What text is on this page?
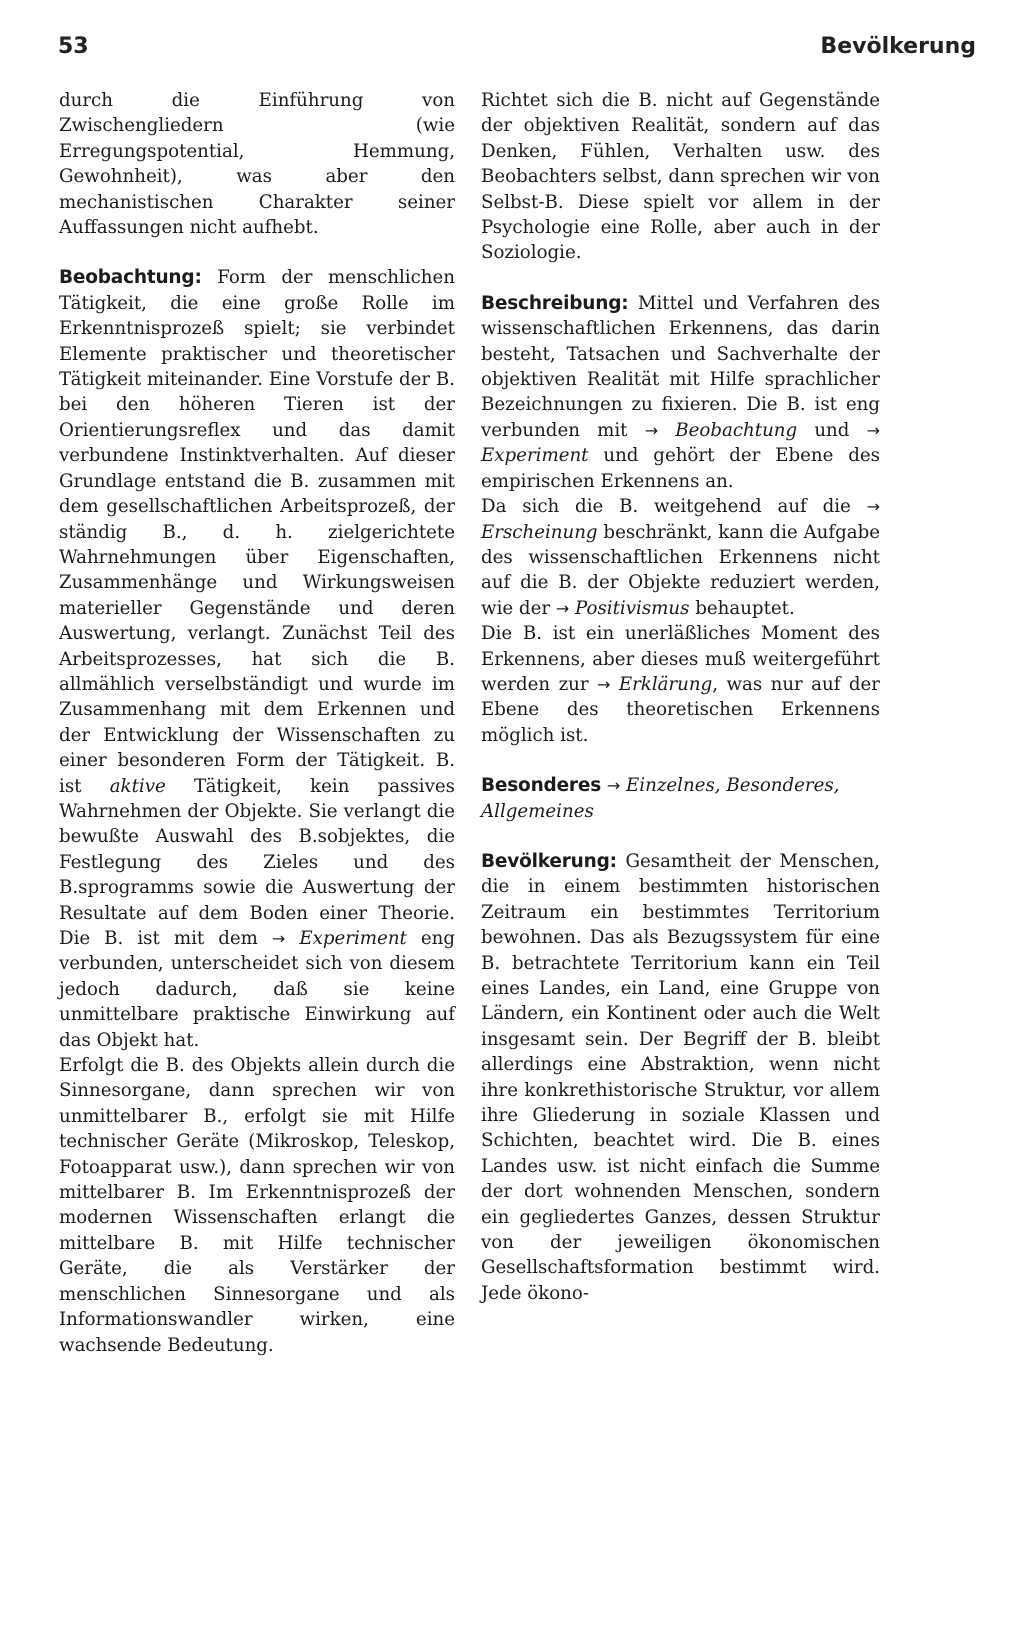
53	Bevölkerung

durch die Einführung von Zwischengliedern (wie Erregungspotential, Hemmung, Gewohnheit), was aber den mechanistischen Charakter seiner Auffassungen nicht aufhebt.

Beobachtung: Form der menschlichen Tätigkeit, die eine große Rolle im Erkenntnisprozeß spielt; sie verbindet Elemente praktischer und theoretischer Tätigkeit miteinander. Eine Vorstufe der B. bei den höheren Tieren ist der Orientierungsreflex und das damit verbundene Instinktverhalten. Auf dieser Grundlage entstand die B. zusammen mit dem gesellschaftlichen Arbeitsprozeß, der ständig B., d. h. zielgerichtete Wahrnehmungen über Eigenschaften, Zusammenhänge und Wirkungsweisen materieller Gegenstände und deren Auswertung, verlangt. Zunächst Teil des Arbeitsprozesses, hat sich die B. allmählich verselbständigt und wurde im Zusammenhang mit dem Erkennen und der Entwicklung der Wissenschaften zu einer besonderen Form der Tätigkeit. B. ist aktive Tätigkeit, kein passives Wahrnehmen der Objekte. Sie verlangt die bewußte Auswahl des B.sobjektes, die Festlegung des Zieles und des B.sprogramms sowie die Auswertung der Resultate auf dem Boden einer Theorie. Die B. ist mit dem → Experiment eng verbunden, unterscheidet sich von diesem jedoch dadurch, daß sie keine unmittelbare praktische Einwirkung auf das Objekt hat.

Erfolgt die B. des Objekts allein durch die Sinnesorgane, dann sprechen wir von unmittelbarer B., erfolgt sie mit Hilfe technischer Geräte (Mikroskop, Teleskop, Fotoapparat usw.), dann sprechen wir von mittelbarer B. Im Erkenntnisprozeß der modernen Wissenschaften erlangt die mittelbare B. mit Hilfe technischer Geräte, die als Verstärker der menschlichen Sinnesorgane und als Informationswandler wirken, eine wachsende Bedeutung.

Richtet sich die B. nicht auf Gegenstände der objektiven Realität, sondern auf das Denken, Fühlen, Verhalten usw. des Beobachters selbst, dann sprechen wir von Selbst-B. Diese spielt vor allem in der Psychologie eine Rolle, aber auch in der Soziologie.

Beschreibung: Mittel und Verfahren des wissenschaftlichen Erkennens, das darin besteht, Tatsachen und Sachverhalte der objektiven Realität mit Hilfe sprachlicher Bezeichnungen zu fixieren. Die B. ist eng verbunden mit → Beobachtung und → Experiment und gehört der Ebene des empirischen Erkennens an.

Da sich die B. weitgehend auf die → Erscheinung beschränkt, kann die Aufgabe des wissenschaftlichen Erkennens nicht auf die B. der Objekte reduziert werden, wie der → Positivismus behauptet.

Die B. ist ein unerläßliches Moment des Erkennens, aber dieses muß weitergeführt werden zur → Erklärung, was nur auf der Ebene des theoretischen Erkennens möglich ist.

Besonderes → Einzelnes, Besonderes, Allgemeines

Bevölkerung: Gesamtheit der Menschen, die in einem bestimmten historischen Zeitraum ein bestimmtes Territorium bewohnen. Das als Bezugssystem für eine B. betrachtete Territorium kann ein Teil eines Landes, ein Land, eine Gruppe von Ländern, ein Kontinent oder auch die Welt insgesamt sein. Der Begriff der B. bleibt allerdings eine Abstraktion, wenn nicht ihre konkrethistorische Struktur, vor allem ihre Gliederung in soziale Klassen und Schichten, beachtet wird. Die B. eines Landes usw. ist nicht einfach die Summe der dort wohnenden Menschen, sondern ein gegliedertes Ganzes, dessen Struktur von der jeweiligen ökonomischen Gesellschaftsformation bestimmt wird. Jede ökono-
